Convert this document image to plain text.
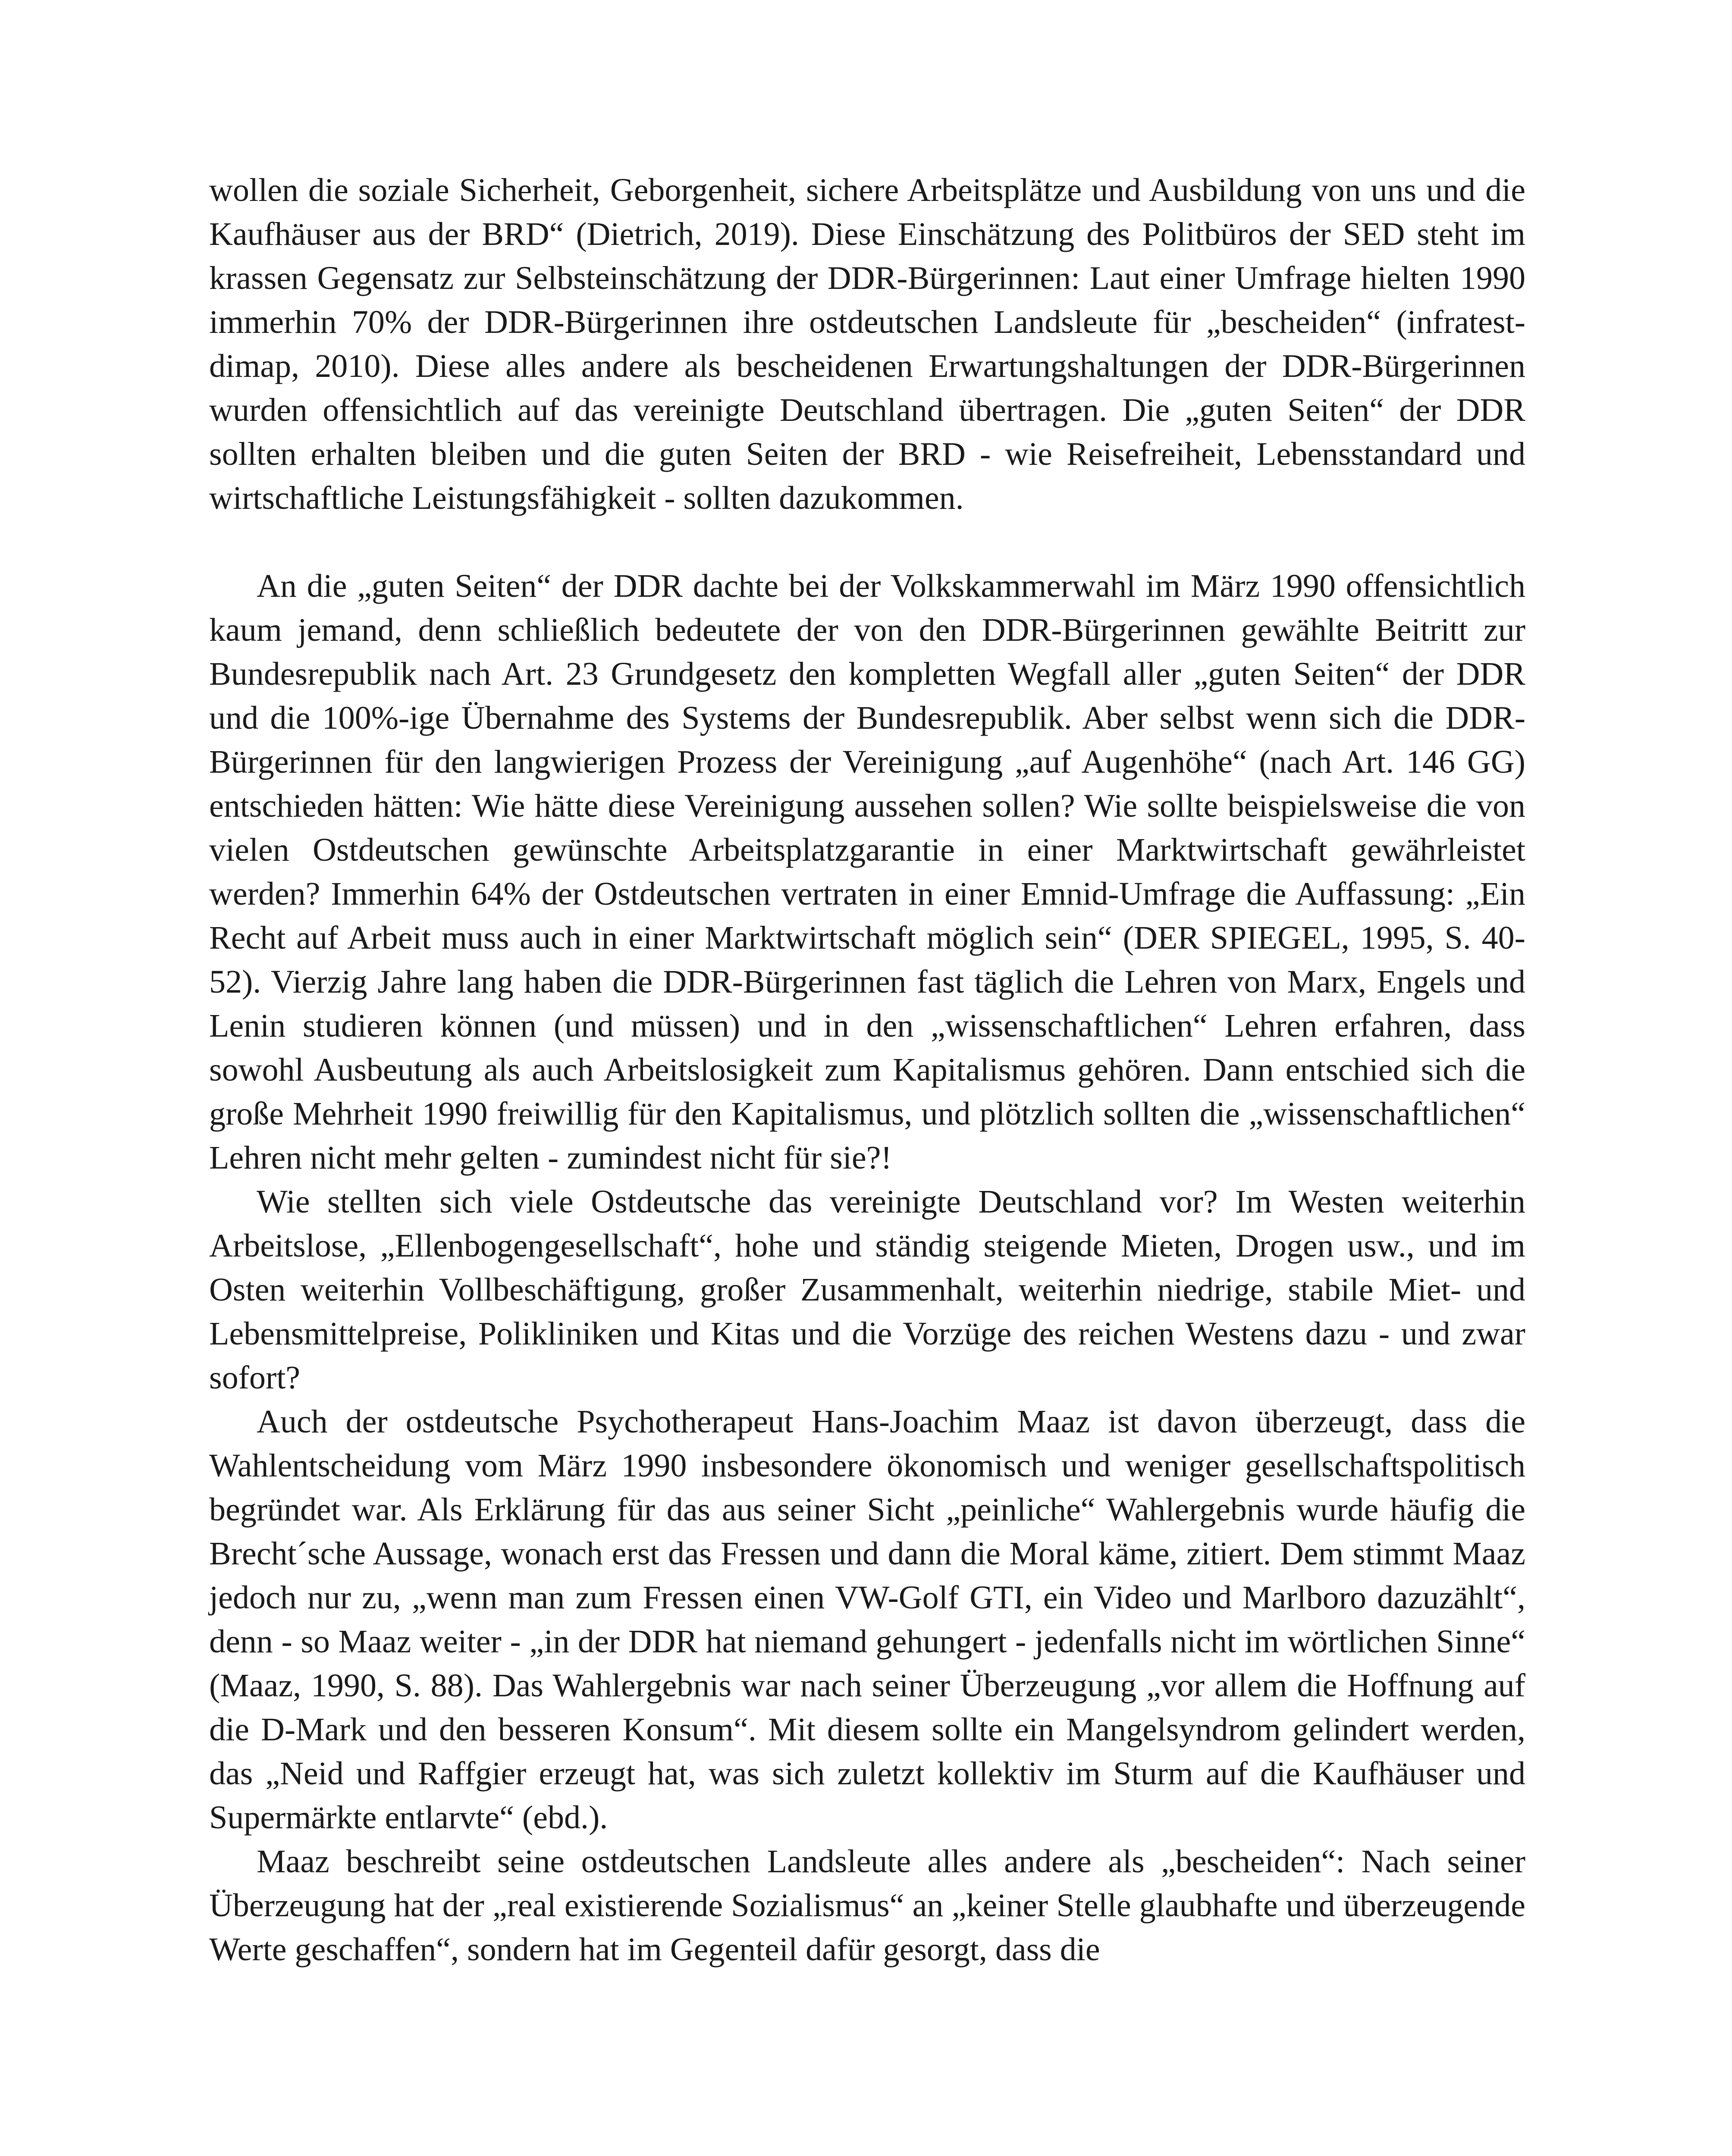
wollen die soziale Sicherheit, Geborgenheit, sichere Arbeitsplätze und Ausbildung von uns und die Kaufhäuser aus der BRD“ (Dietrich, 2019). Diese Einschätzung des Politbüros der SED steht im krassen Gegensatz zur Selbsteinschätzung der DDR-Bürgerinnen: Laut einer Umfrage hielten 1990 immerhin 70% der DDR-Bürgerinnen ihre ostdeutschen Landsleute für „bescheiden“ (infratest-dimap, 2010). Diese alles andere als bescheidenen Erwartungshaltungen der DDR-Bürgerinnen wurden offensichtlich auf das vereinigte Deutschland übertragen. Die „guten Seiten“ der DDR sollten erhalten bleiben und die guten Seiten der BRD - wie Reisefreiheit, Lebensstandard und wirtschaftliche Leistungsfähigkeit - sollten dazukommen.

An die „guten Seiten“ der DDR dachte bei der Volkskammerwahl im März 1990 offensichtlich kaum jemand, denn schließlich bedeutete der von den DDR-Bürgerinnen gewählte Beitritt zur Bundesrepublik nach Art. 23 Grundgesetz den kompletten Wegfall aller „guten Seiten“ der DDR und die 100%-ige Übernahme des Systems der Bundesrepublik. Aber selbst wenn sich die DDR-Bürgerinnen für den langwierigen Prozess der Vereinigung „auf Augenhöhe“ (nach Art. 146 GG) entschieden hätten: Wie hätte diese Vereinigung aussehen sollen? Wie sollte beispielsweise die von vielen Ostdeutschen gewünschte Arbeitsplatzgarantie in einer Marktwirtschaft gewährleistet werden? Immerhin 64% der Ostdeutschen vertraten in einer Emnid-Umfrage die Auffassung: „Ein Recht auf Arbeit muss auch in einer Marktwirtschaft möglich sein“ (DER SPIEGEL, 1995, S. 40-52). Vierzig Jahre lang haben die DDR-Bürgerinnen fast täglich die Lehren von Marx, Engels und Lenin studieren können (und müssen) und in den „wissenschaftlichen“ Lehren erfahren, dass sowohl Ausbeutung als auch Arbeitslosigkeit zum Kapitalismus gehören. Dann entschied sich die große Mehrheit 1990 freiwillig für den Kapitalismus, und plötzlich sollten die „wissenschaftlichen“ Lehren nicht mehr gelten - zumindest nicht für sie?!

Wie stellten sich viele Ostdeutsche das vereinigte Deutschland vor? Im Westen weiterhin Arbeitslose, „Ellenbogengesellschaft“, hohe und ständig steigende Mieten, Drogen usw., und im Osten weiterhin Vollbeschäftigung, großer Zusammenhalt, weiterhin niedrige, stabile Miet- und Lebensmittelpreise, Polikliniken und Kitas und die Vorzüge des reichen Westens dazu - und zwar sofort?

Auch der ostdeutsche Psychotherapeut Hans-Joachim Maaz ist davon überzeugt, dass die Wahlentscheidung vom März 1990 insbesondere ökonomisch und weniger gesellschaftspolitisch begründet war. Als Erklärung für das aus seiner Sicht „peinliche“ Wahlergebnis wurde häufig die Brecht´sche Aussage, wonach erst das Fressen und dann die Moral käme, zitiert. Dem stimmt Maaz jedoch nur zu, „wenn man zum Fressen einen VW-Golf GTI, ein Video und Marlboro dazuzählt“, denn - so Maaz weiter - „in der DDR hat niemand gehungert - jedenfalls nicht im wörtlichen Sinne“ (Maaz, 1990, S. 88). Das Wahlergebnis war nach seiner Überzeugung „vor allem die Hoffnung auf die D-Mark und den besseren Konsum“. Mit diesem sollte ein Mangelsyndrom gelindert werden, das „Neid und Raffgier erzeugt hat, was sich zuletzt kollektiv im Sturm auf die Kaufhäuser und Supermärkte entlarvte“ (ebd.).

Maaz beschreibt seine ostdeutschen Landsleute alles andere als „bescheiden“: Nach seiner Überzeugung hat der „real existierende Sozialismus“ an „keiner Stelle glaubhafte und überzeugende Werte geschaffen“, sondern hat im Gegenteil dafür gesorgt, dass die
